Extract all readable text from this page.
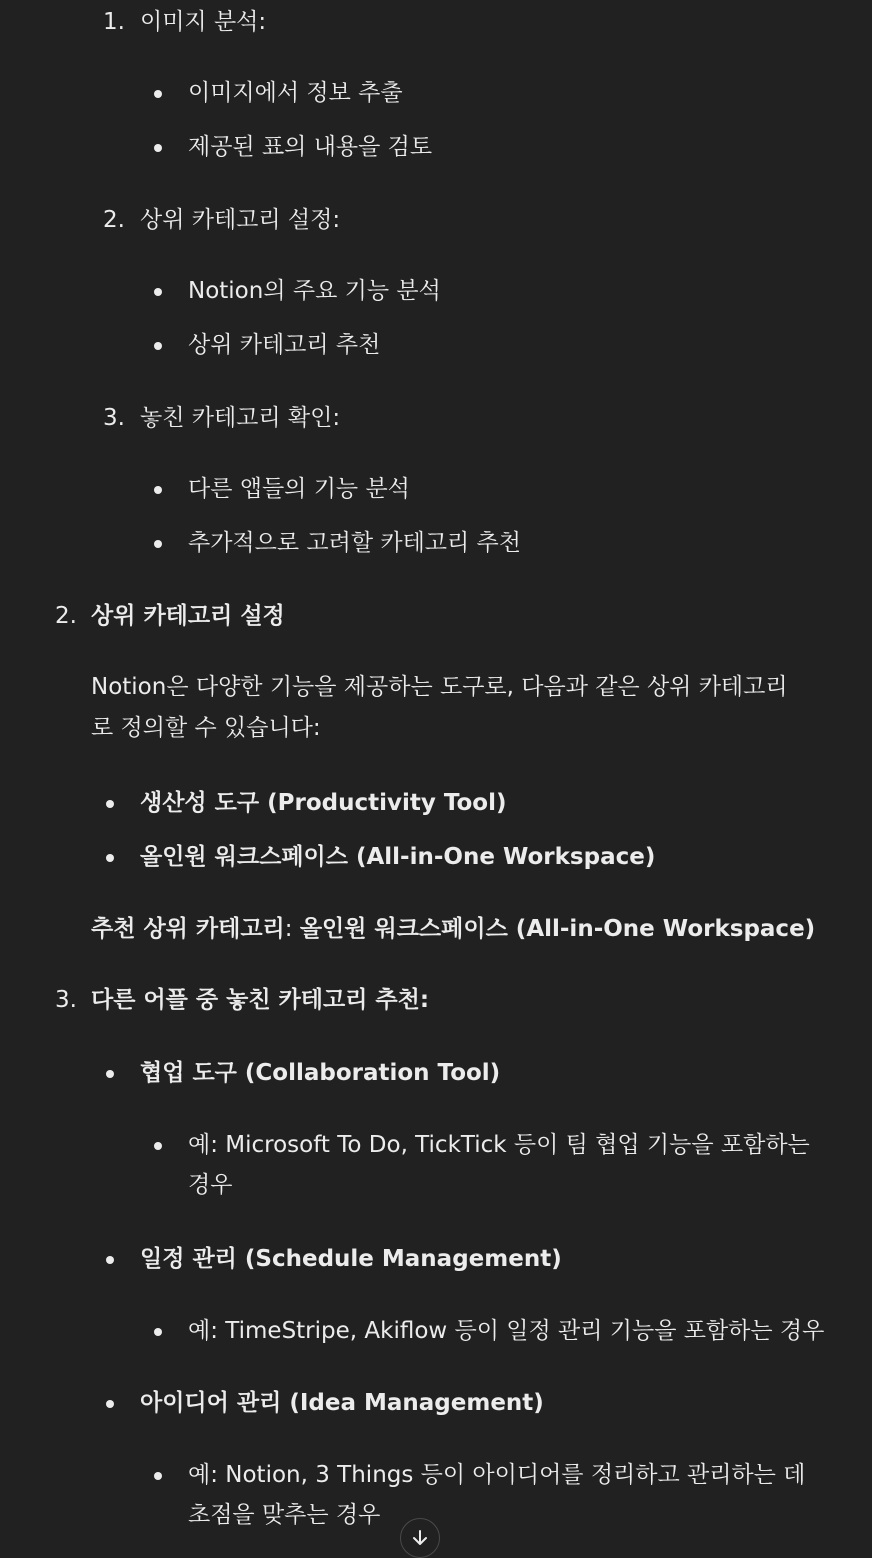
1. 이미지 분석:
이미지에서 정보 추출
제공된 표의 내용을 검토
2. 상위 카테고리 설정:
Notion의 주요 기능 분석
상위 카테고리 추천
3. 놓친 카테고리 확인:
다른 앱들의 기능 분석
추가적으로 고려할 카테고리 추천
2. 상위 카테고리 설정
Notion은 다양한 기능을 제공하는 도구로, 다음과 같은 상위 카테고리
로 정의할 수 있습니다:
생산성 도구 (Productivity Tool)
올인원 워크스페이스 (All-in-One Workspace)
추천 상위 카테고리: 올인원 워크스페이스 (All-in-One Workspace)
3. 다른 어플 중 놓친 카테고리 추천:
협업 도구 (Collaboration Tool)
예: Microsoft To Do, TickTick 등이 팀 협업 기능을 포함하는
경우
일정 관리 (Schedule Management)
예: TimeStripe, Akiflow 등이 일정 관리 기능을 포함하는 경우
아이디어 관리 (Idea Management)
예: Notion, 3 Things 등이 아이디어를 정리하고 관리하는 데
초점을 맞추는 경우
